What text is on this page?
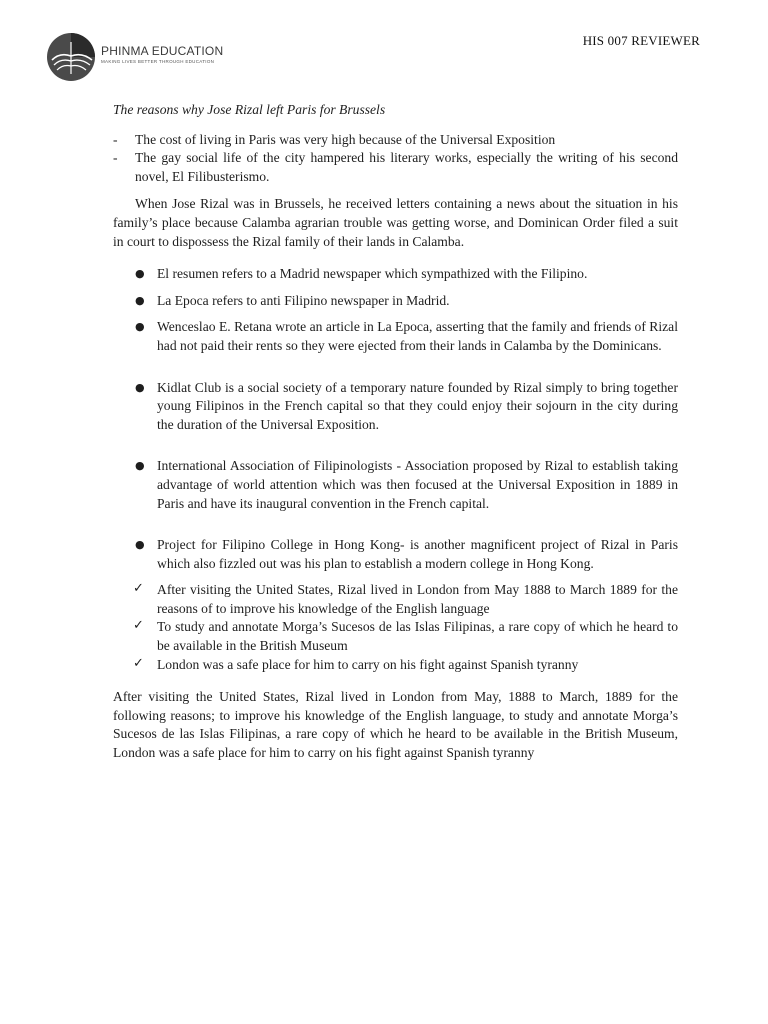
PHINMA EDUCATION
MAKING LIVES BETTER THROUGH EDUCATION
HIS 007 REVIEWER

The reasons why Jose Rizal left Paris for Brussels

- The cost of living in Paris was very high because of the Universal Exposition
- The gay social life of the city hampered his literary works, especially the writing of his second novel, El Filibusterismo.

When Jose Rizal was in Brussels, he received letters containing a news about the situation in his family’s place because Calamba agrarian trouble was getting worse, and Dominican Order filed a suit in court to dispossess the Rizal family of their lands in Calamba.

● El resumen refers to a Madrid newspaper which sympathized with the Filipino.
● La Epoca refers to anti Filipino newspaper in Madrid.
● Wenceslao E. Retana wrote an article in La Epoca, asserting that the family and friends of Rizal had not paid their rents so they were ejected from their lands in Calamba by the Dominicans.
● Kidlat Club is a social society of a temporary nature founded by Rizal simply to bring together young Filipinos in the French capital so that they could enjoy their sojourn in the city during the duration of the Universal Exposition.
● International Association of Filipinologists - Association proposed by Rizal to establish taking advantage of world attention which was then focused at the Universal Exposition in 1889 in Paris and have its inaugural convention in the French capital.
● Project for Filipino College in Hong Kong- is another magnificent project of Rizal in Paris which also fizzled out was his plan to establish a modern college in Hong Kong.
✓ After visiting the United States, Rizal lived in London from May 1888 to March 1889 for the reasons of to improve his knowledge of the English language
✓ To study and annotate Morga’s Sucesos de las Islas Filipinas, a rare copy of which he heard to be available in the British Museum
✓ London was a safe place for him to carry on his fight against Spanish tyranny

After visiting the United States, Rizal lived in London from May, 1888 to March, 1889 for the following reasons; to improve his knowledge of the English language, to study and annotate Morga’s Sucesos de las Islas Filipinas, a rare copy of which he heard to be available in the British Museum, London was a safe place for him to carry on his fight against Spanish tyranny
